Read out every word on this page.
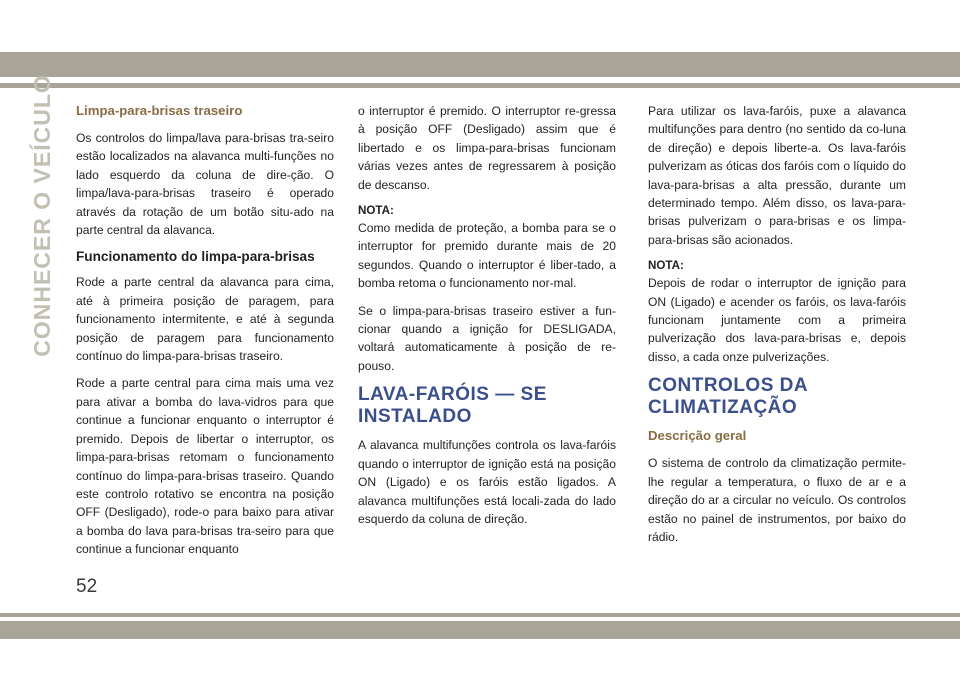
CONHECER O VEÍCULO Limpa-para-brisas traseiro

Os controlos do limpa/lava para-brisas tra-seiro estão localizados na alavanca multi-funções no lado esquerdo da coluna de dire-ção. O limpa/lava-para-brisas traseiro é operado através da rotação de um botão situ-ado na parte central da alavanca.

Funcionamento do limpa-para-brisas

Rode a parte central da alavanca para cima, até à primeira posição de paragem, para funcionamento intermitente, e até à segunda posição de paragem para funcionamento contínuo do limpa-para-brisas traseiro.

Rode a parte central para cima mais uma vez para ativar a bomba do lava-vidros para que continue a funcionar enquanto o interruptor é premido. Depois de libertar o interruptor, os limpa-para-brisas retomam o funcionamento contínuo do limpa-para-brisas traseiro. Quando este controlo rotativo se encontra na posição OFF (Desligado), rode-o para baixo para ativar a bomba do lava para-brisas tra-seiro para que continue a funcionar enquanto

o interruptor é premido. O interruptor re-gressa à posição OFF (Desligado) assim que é libertado e os limpa-para-brisas funcionam várias vezes antes de regressarem à posição de descanso.

NOTA:

Como medida de proteção, a bomba para se o interruptor for premido durante mais de 20 segundos. Quando o interruptor é liber-tado, a bomba retoma o funcionamento nor-mal.

Se o limpa-para-brisas traseiro estiver a fun-cionar quando a ignição for DESLIGADA, voltará automaticamente à posição de re-pouso.

LAVA-FARÓIS — SE INSTALADO

A alavanca multifunções controla os lava-faróis quando o interruptor de ignição está na posição ON (Ligado) e os faróis estão ligados. A alavanca multifunções está locali-zada do lado esquerdo da coluna de direção.

Para utilizar os lava-faróis, puxe a alavanca multifunções para dentro (no sentido da co-luna de direção) e depois liberte-a. Os lava-faróis pulverizam as óticas dos faróis com o líquido do lava-para-brisas a alta pressão, durante um determinado tempo. Além disso, os lava-para-brisas pulverizam o para-brisas e os limpa-para-brisas são acionados.

NOTA:

Depois de rodar o interruptor de ignição para ON (Ligado) e acender os faróis, os lava-faróis funcionam juntamente com a primeira pulverização dos lava-para-brisas e, depois disso, a cada onze pulverizações.

CONTROLOS DA CLIMATIZAÇÃO
Descrição geral

O sistema de controlo da climatização permite-lhe regular a temperatura, o fluxo de ar e a direção do ar a circular no veículo. Os controlos estão no painel de instrumentos, por baixo do rádio.

52
